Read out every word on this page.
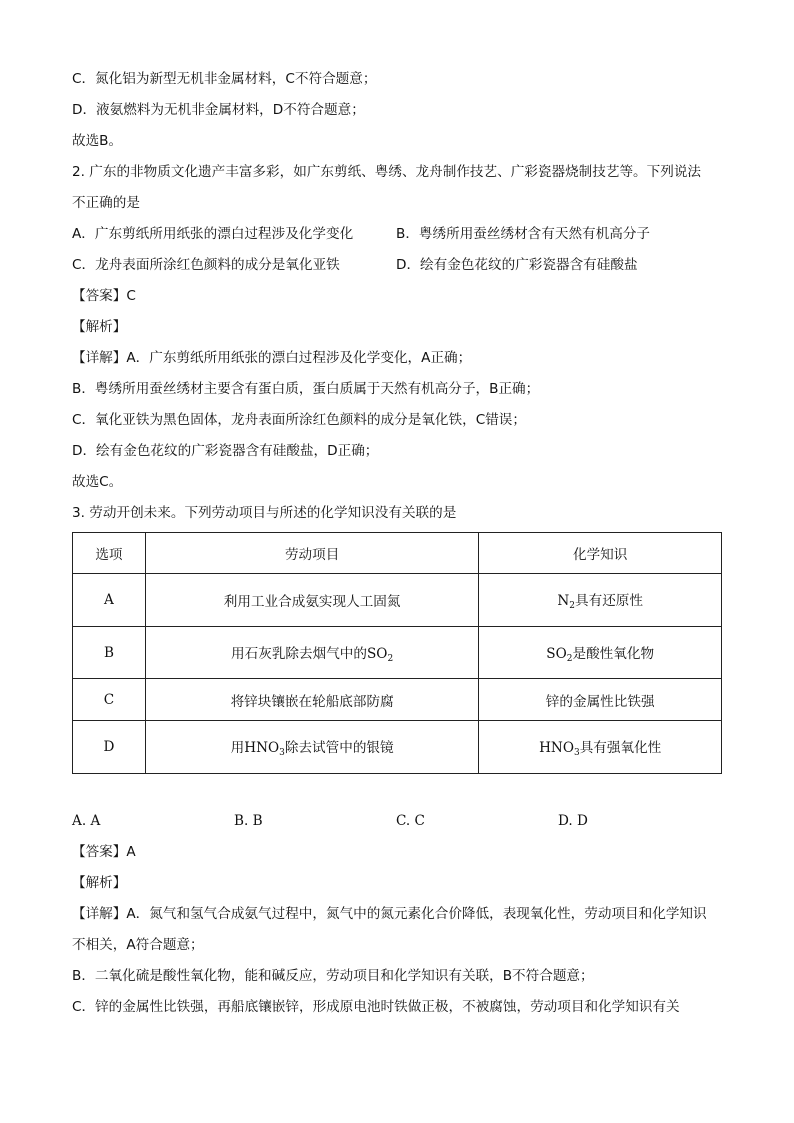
C．氮化铝为新型无机非金属材料，C不符合题意；
D．液氨燃料为无机非金属材料，D不符合题意；
故选B。
2. 广东的非物质文化遗产丰富多彩，如广东剪纸、粤绣、龙舟制作技艺、广彩瓷器烧制技艺等。下列说法
不正确的是
A．广东剪纸所用纸张的漂白过程涉及化学变化	B．粤绣所用蚕丝绣材含有天然有机高分子
C．龙舟表面所涂红色颜料的成分是氧化亚铁	D．绘有金色花纹的广彩瓷器含有硅酸盐
【答案】C
【解析】
【详解】A．广东剪纸所用纸张的漂白过程涉及化学变化，A正确；
B．粤绣所用蚕丝绣材主要含有蛋白质，蛋白质属于天然有机高分子，B正确；
C．氧化亚铁为黑色固体，龙舟表面所涂红色颜料的成分是氧化铁，C错误；
D．绘有金色花纹的广彩瓷器含有硅酸盐，D正确；
故选C。
3. 劳动开创未来。下列劳动项目与所述的化学知识没有关联的是
选项	劳动项目	化学知识
A	利用工业合成氨实现人工固氮	$N_2$具有还原性
B	用石灰乳除去烟气中的$SO_2$	$SO_2$是酸性氧化物
C	将锌块镶嵌在轮船底部防腐	锌的金属性比铁强
D	用$HNO_3$除去试管中的银镜	$HNO_3$具有强氧化性
A. A	B. B	C. C	D. D
【答案】A
【解析】
【详解】A．氮气和氢气合成氨气过程中，氮气中的氮元素化合价降低，表现氧化性，劳动项目和化学知识
不相关，A符合题意；
B．二氧化硫是酸性氧化物，能和碱反应，劳动项目和化学知识有关联，B不符合题意；
C．锌的金属性比铁强，再船底镶嵌锌，形成原电池时铁做正极，不被腐蚀，劳动项目和化学知识有关
